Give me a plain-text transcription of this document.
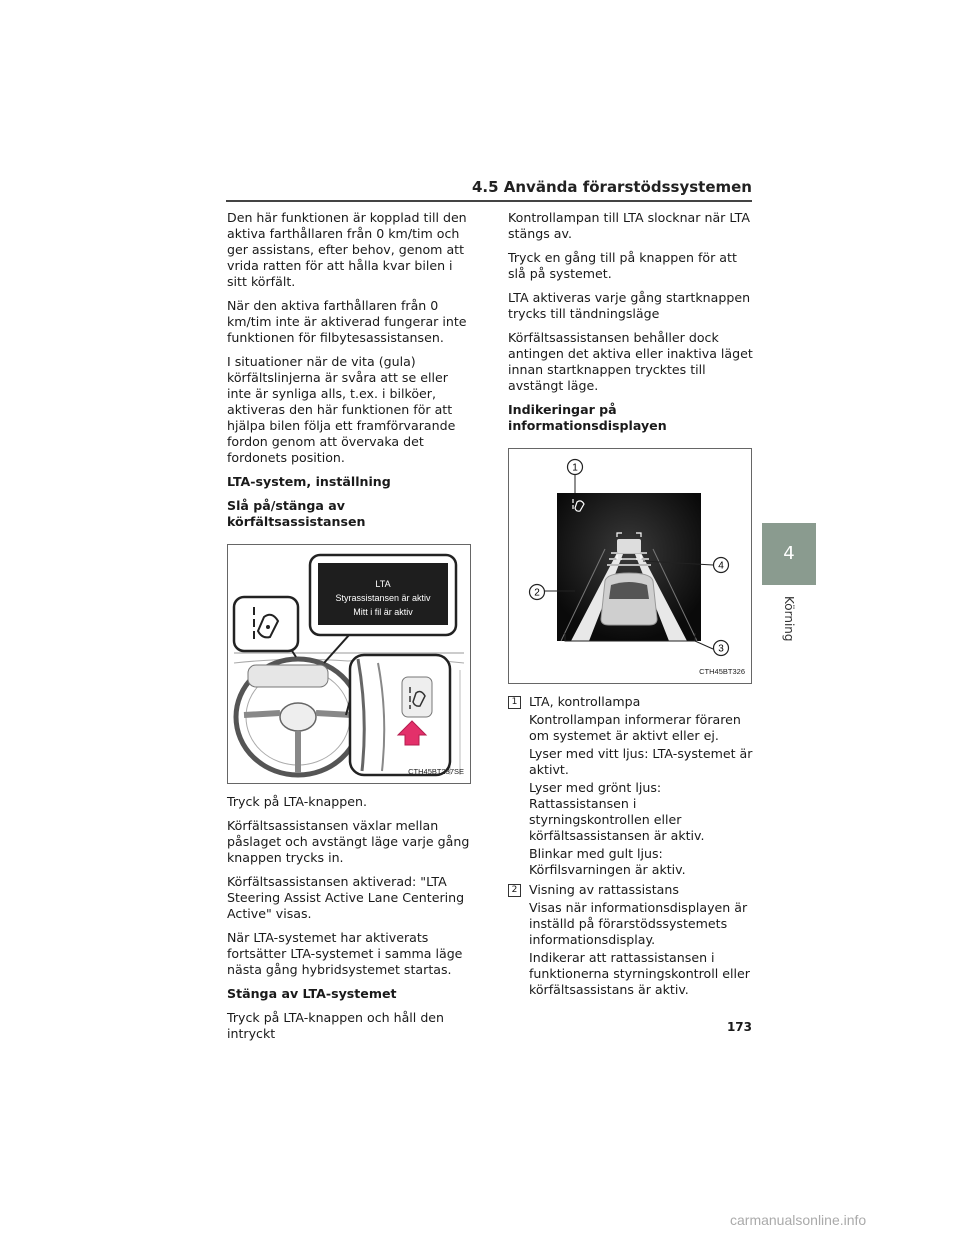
4.5 Använda förarstödssystemen

Den här funktionen är kopplad till den aktiva farthållaren från 0 km/tim och ger assistans, efter behov, genom att vrida ratten för att hålla kvar bilen i sitt körfält.

När den aktiva farthållaren från 0 km/tim inte är aktiverad fungerar inte funktionen för filbytesassistansen.

I situationer när de vita (gula) körfältslinjerna är svåra att se eller inte är synliga alls, t.ex. i bilköer, aktiveras den här funktionen för att hjälpa bilen följa ett framförvarande fordon genom att övervaka det fordonets position.

LTA-system, inställning

Slå på/stänga av körfältsassistansen

LTA
Styrassistansen är aktiv
Mitt i fil är aktiv
CTH45BT237SE

Tryck på LTA-knappen.

Körfältsassistansen växlar mellan påslaget och avstängt läge varje gång knappen trycks in.

Körfältsassistansen aktiverad: "LTA Steering Assist Active Lane Centering Active" visas.

När LTA-systemet har aktiverats fortsätter LTA-systemet i samma läge nästa gång hybridsystemet startas.

Stänga av LTA-systemet

Tryck på LTA-knappen och håll den intryckt

Kontrollampan till LTA slocknar när LTA stängs av.

Tryck en gång till på knappen för att slå på systemet.

LTA aktiveras varje gång startknappen trycks till tändningsläge

Körfältsassistansen behåller dock antingen det aktiva eller inaktiva läget innan startknappen trycktes till avstängt läge.

Indikeringar på informationsdisplayen

1
2
3
4
CTH45BT326
1 LTA, kontrollampa

Kontrollampan informerar föraren om systemet är aktivt eller ej.

Lyser med vitt ljus: LTA-systemet är aktivt.

Lyser med grönt ljus: Rattassistansen i styrningskontrollen eller körfältsassistansen är aktiv.

Blinkar med gult ljus: Körfilsvarningen är aktiv.

2 Visning av rattassistans

Visas när informationsdisplayen är inställd på förarstödssystemets informationsdisplay.

Indikerar att rattassistansen i funktionerna styrningskontroll eller körfältsassistans är aktiv.

4
Körning
173
carmanualsonline.info
